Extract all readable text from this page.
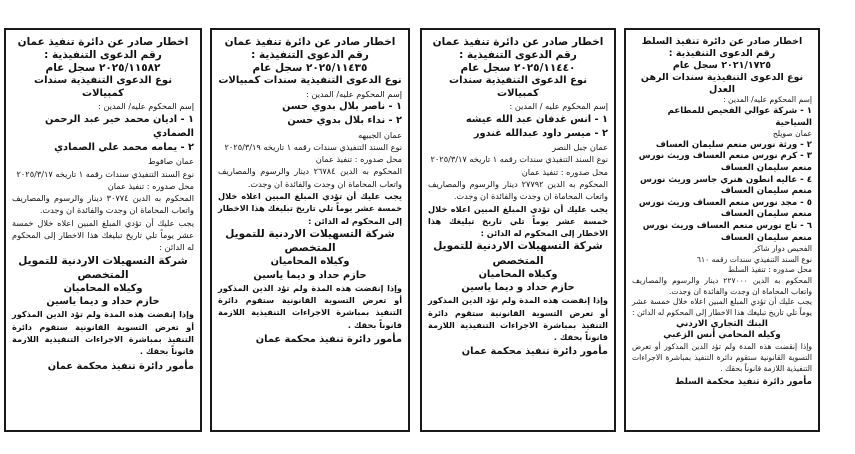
اخطار صادر عن دائرة تنفيذ عمان
رقم الدعوى التنفيذية :
٢٠٢٥/١١٥٨٢ سجل عام
نوع الدعوى التنفيذية سندات كمبيالات

إسم المحكوم عليه/ المدين :

١ - اديان محمد خير عبد الرحمن الصمادي

٢ - يمامه محمد علي الصمادي

عمان صافوط

نوع السند التنفيذي سندات رقمه ١ تاريخه ٢٠٢٥/٣/١٧

محل صدوره : تنفيذ عمان

المحكوم به الدين ٣٠٧٧٤ دينار والرسوم والمصاريف واتعاب المحاماة ان وجدت والفائدة ان وجدت.

يجب عليك أن تؤدي المبلغ المبين اعلاه خلال خمسة عشر يوماً تلي تاريخ تبليغك هذا الاخطار إلى المحكوم له الدائن :

شركة التسهيلات الاردنية للتمويل المتخصص

وكيلاه المحاميان

حازم حداد و ديما ياسين

وإذا إنقضت هذه المدة ولم تؤد الدين المذكور أو تعرض التسوية القانونية ستقوم دائرة التنفيذ بمباشرة الاجراءات التنفيذية اللازمة قانوناً بحقك .

مأمور دائرة تنفيذ محكمة عمان

اخطار صادر عن دائرة تنفيذ عمان
رقم الدعوى التنفيذية :
٢٠٢٥/١١٤٣٥ سجل عام
نوع الدعوى التنفيذية سندات كمبيالات

إسم المحكوم عليه/ المدين :

١ - ناصر بلال بدوي حسن

٢ - نداء بلال بدوي حسن

عمان الجبيهه

نوع السند التنفيذي سندات رقمه ١ تاريخه ٢٠٢٥/٣/١٩

محل صدوره : تنفيذ عمان

المحكوم به الدين ٢٦٧٨٤ دينار والرسوم والمصاريف واتعاب المحاماة ان وجدت والفائدة ان وجدت.

يجب عليك أن تؤدي المبلغ المبين اعلاه خلال خمسة عشر يوماً تلي تاريخ تبليغك هذا الاخطار إلى المحكوم له الدائن :

شركة التسهيلات الاردنية للتمويل المتخصص

وكيلاه المحاميان

حازم حداد و ديما ياسين

وإذا إنقضت هذه المدة ولم تؤد الدين المذكور أو تعرض التسوية القانونية ستقوم دائرة التنفيذ بمباشرة الاجراءات التنفيذية اللازمة قانوناً بحقك .

مأمور دائرة تنفيذ محكمة عمان

اخطار صادر عن دائرة تنفيذ عمان
رقم الدعوى التنفيذية :
٢٠٢٥/١١٤٤٠ سجل عام
نوع الدعوى التنفيذية سندات كمبيالات

إسم المحكوم عليه / المدين :

١ - انس غدفان عبد الله عيشه

٢ - ميسر داود عبدالله غندور

عمان جبل النصر

نوع السند التنفيذي سندات رقمه ١ تاريخه ٢٠٢٥/٣/١٧

محل صدوره : تنفيذ عمان

المحكوم به الدين ٢٧٧٩٢ دينار والرسوم والمصاريف واتعاب المحاماة ان وجدت والفائدة ان وجدت.

يجب عليك أن تؤدي المبلغ المبين اعلاه خلال خمسة عشر يوماً تلي تاريخ تبليغك هذا الاخطار إلى المحكوم له الدائن :

شركة التسهيلات الاردنية للتمويل المتخصص

وكيلاه المحاميان

حازم حداد و ديما ياسين

وإذا إنقضت هذه المدة ولم تؤد الدين المذكور أو تعرض التسوية القانونية ستقوم دائرة التنفيذ بمباشرة الاجراءات التنفيذية اللازمة قانوناً بحقك .

مأمور دائرة تنفيذ محكمة عمان

اخطار صادر عن دائرة تنفيذ السلط
رقم الدعوى التنفيذية :
٢٠٢١/١٧٢٥ سجل عام
نوع الدعوى التنفيذية سندات الرهن العدل

إسم المحكوم عليه/ المدين :

١ - شركة عوالي الفحيص للمطاعم السياحية

عمان صويلح

٢ - ورثة نورس منعم سليمان العساف

٣ - كرم نورس منعم العساف وريث نورس منعم سليمان العساف

٤ - عاليه انطون هنري جاسر وريث نورس منعم سليمان العساف

٥ - مجد نورس منعم العساف وريث نورس منعم سليمان العساف

٦ - تاج نورس منعم العساف وريث نورس منعم سليمان العساف

الفحيص دوار شاكر

نوع السند التنفيذي سندات رقمه ٦١٠

محل صدوره : تنفيذ السلط

المحكوم به الدين ٢٢٧٠٠٠ دينار والرسوم والمصاريف واتعاب المحاماة ان وجدت والفائدة ان وجدت.

يجب عليك أن تؤدي المبلغ المبين اعلاه خلال خمسة عشر يوماً تلي تاريخ تبليغك هذا الاخطار إلى المحكوم له الدائن :

البنك التجاري الاردني

وكيله المحامي أنس الزعبي

وإذا إنقضت هذه المدة ولم تؤد الدين المذكور أو تعرض التسوية القانونية ستقوم دائرة التنفيذ بمباشرة الاجراءات التنفيذية اللازمة قانوناً بحقك .

مأمور دائرة تنفيذ محكمة السلط
